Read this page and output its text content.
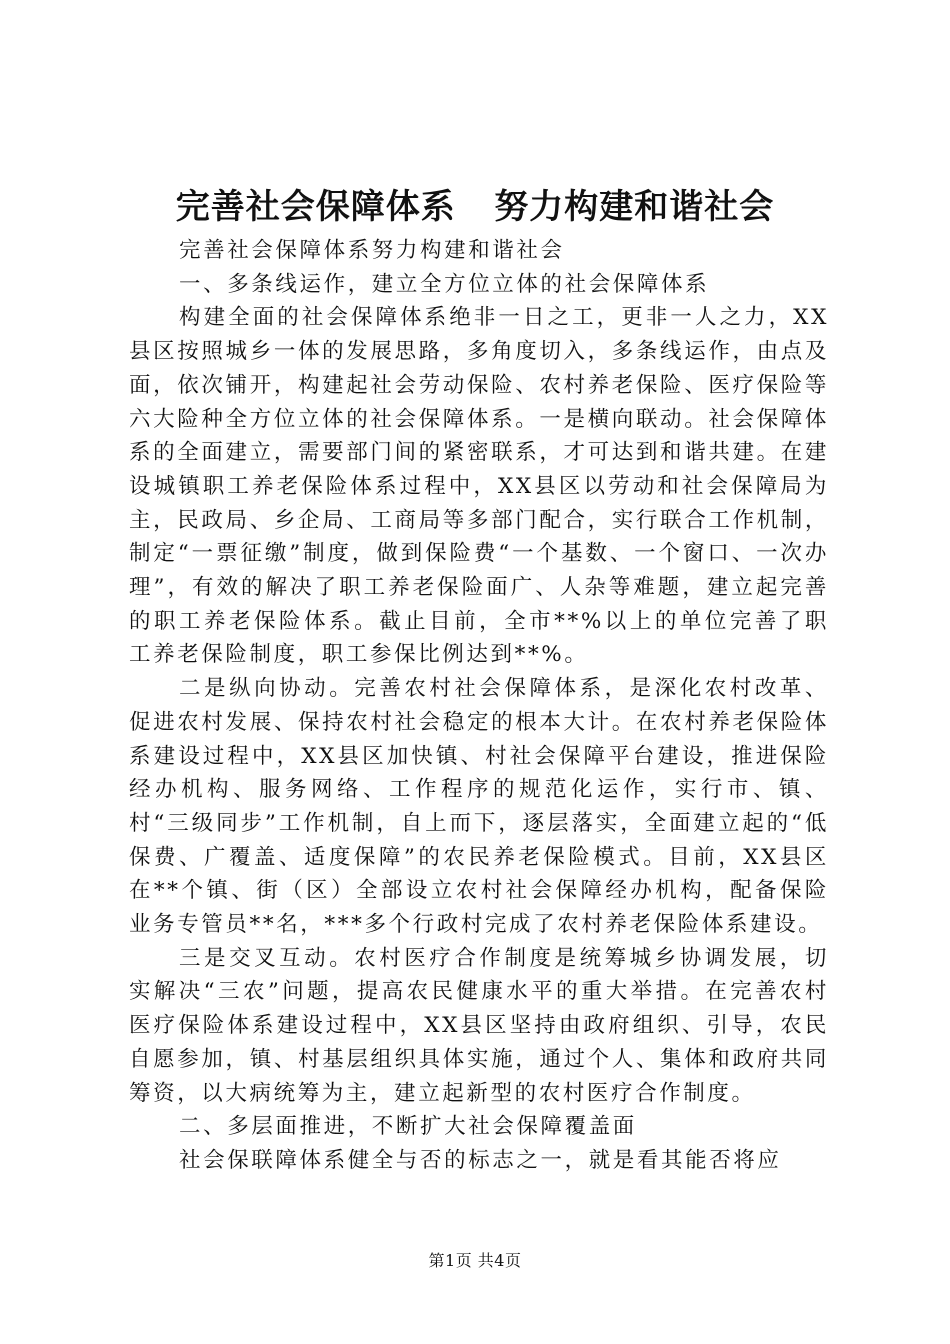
完善社会保障体系   努力构建和谐社会

完善社会保障体系努力构建和谐社会

一、多条线运作，建立全方位立体的社会保障体系

构建全面的社会保障体系绝非一日之工，更非一人之力，XX县区按照城乡一体的发展思路，多角度切入，多条线运作，由点及面，依次铺开，构建起社会劳动保险、农村养老保险、医疗保险等六大险种全方位立体的社会保障体系。一是横向联动。社会保障体系的全面建立，需要部门间的紧密联系，才可达到和谐共建。在建设城镇职工养老保险体系过程中，XX县区以劳动和社会保障局为主，民政局、乡企局、工商局等多部门配合，实行联合工作机制，制定“一票征缴”制度，做到保险费“一个基数、一个窗口、一次办理”，有效的解决了职工养老保险面广、人杂等难题，建立起完善的职工养老保险体系。截止目前，全市**%以上的单位完善了职工养老保险制度，职工参保比例达到**%。

二是纵向协动。完善农村社会保障体系，是深化农村改革、促进农村发展、保持农村社会稳定的根本大计。在农村养老保险体系建设过程中，XX县区加快镇、村社会保障平台建设，推进保险经办机构、服务网络、工作程序的规范化运作，实行市、镇、村“三级同步”工作机制，自上而下，逐层落实，全面建立起的“低保费、广覆盖、适度保障”的农民养老保险模式。目前，XX县区在**个镇、街（区）全部设立农村社会保障经办机构，配备保险业务专管员**名，***多个行政村完成了农村养老保险体系建设。

三是交叉互动。农村医疗合作制度是统筹城乡协调发展，切实解决“三农”问题，提高农民健康水平的重大举措。在完善农村医疗保险体系建设过程中，XX县区坚持由政府组织、引导，农民自愿参加，镇、村基层组织具体实施，通过个人、集体和政府共同筹资，以大病统筹为主，建立起新型的农村医疗合作制度。

二、多层面推进，不断扩大社会保障覆盖面

社会保联障体系健全与否的标志之一，就是看其能否将应

第1页 共4页
